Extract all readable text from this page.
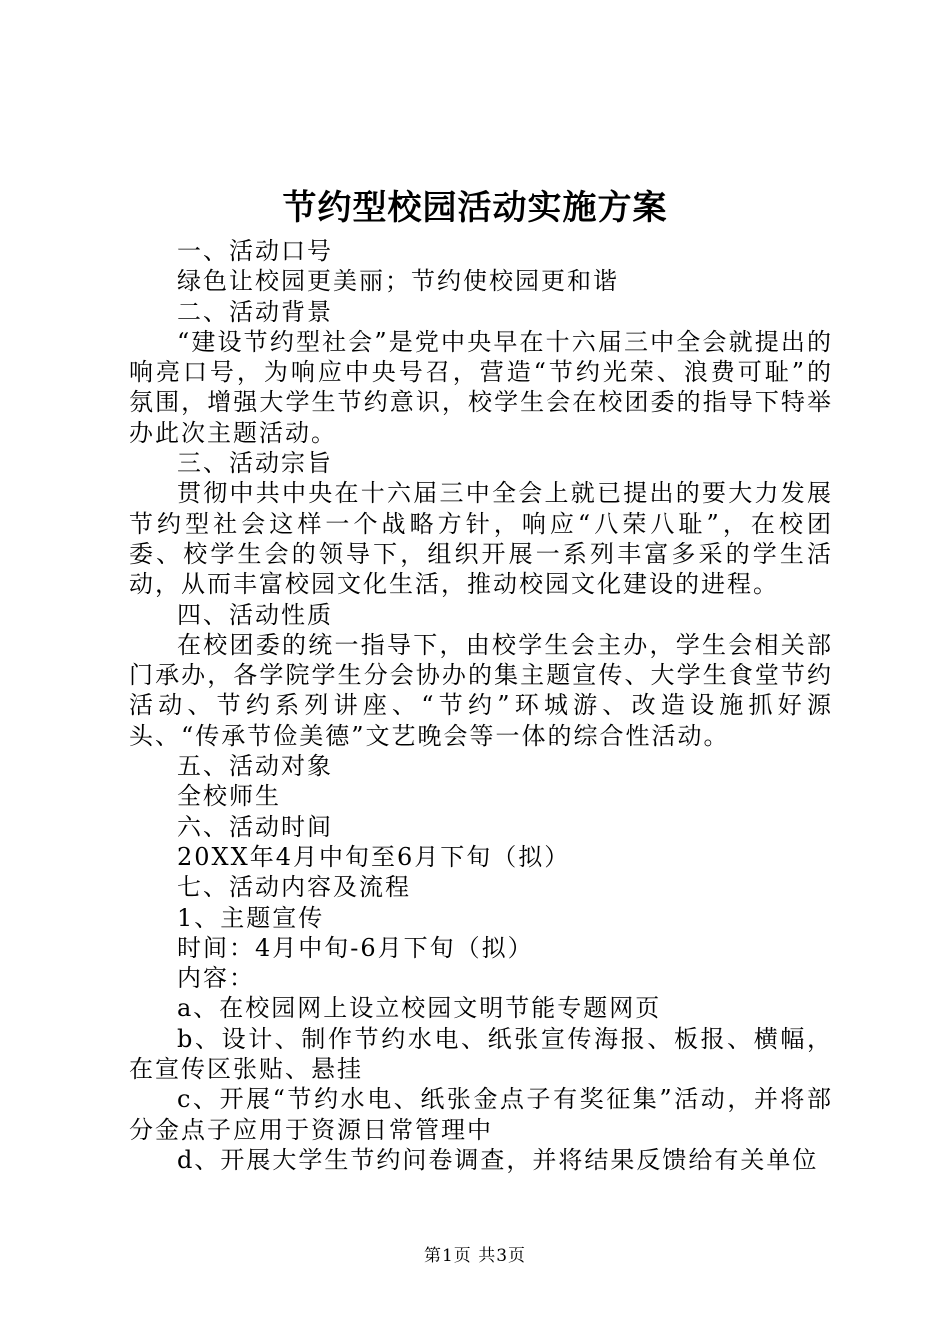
节约型校园活动实施方案

一、活动口号

绿色让校园更美丽；节约使校园更和谐

二、活动背景

“建设节约型社会”是党中央早在十六届三中全会就提出的响亮口号，为响应中央号召，营造“节约光荣、浪费可耻”的氛围，增强大学生节约意识，校学生会在校团委的指导下特举办此次主题活动。

三、活动宗旨

贯彻中共中央在十六届三中全会上就已提出的要大力发展节约型社会这样一个战略方针，响应“八荣八耻”，在校团委、校学生会的领导下，组织开展一系列丰富多采的学生活动，从而丰富校园文化生活，推动校园文化建设的进程。

四、活动性质

在校团委的统一指导下，由校学生会主办，学生会相关部门承办，各学院学生分会协办的集主题宣传、大学生食堂节约活动、节约系列讲座、“节约”环城游、改造设施抓好源头、“传承节俭美德”文艺晚会等一体的综合性活动。

五、活动对象

全校师生

六、活动时间

20XX年4月中旬至6月下旬（拟）

七、活动内容及流程

1、主题宣传

时间：4月中旬-6月下旬（拟）

内容：

a、在校园网上设立校园文明节能专题网页

b、设计、制作节约水电、纸张宣传海报、板报、横幅，在宣传区张贴、悬挂

c、开展“节约水电、纸张金点子有奖征集”活动，并将部分金点子应用于资源日常管理中

d、开展大学生节约问卷调查，并将结果反馈给有关单位

第1页 共3页
